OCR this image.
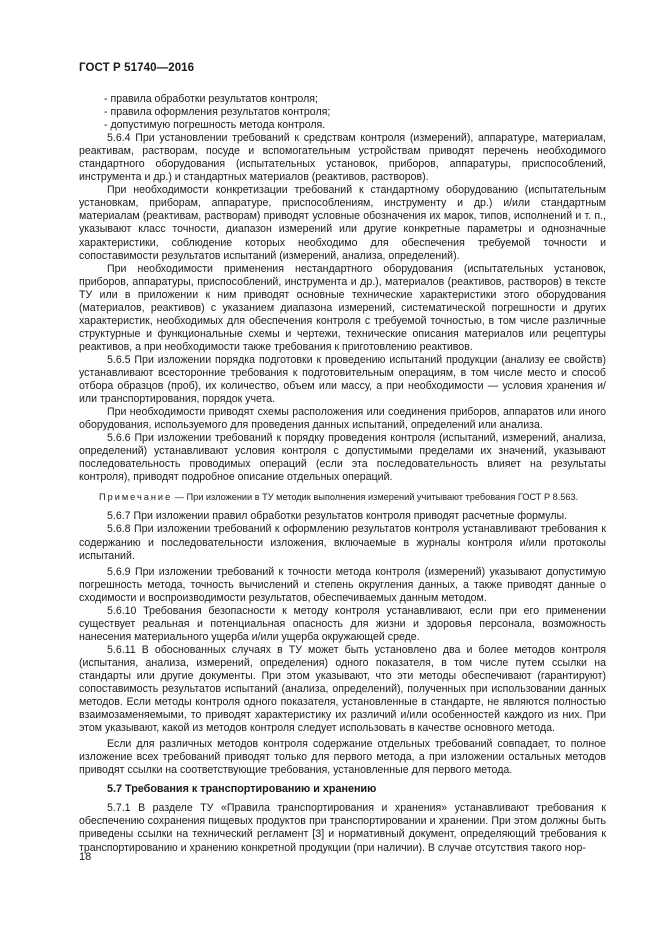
ГОСТ Р 51740—2016

- правила обработки результатов контроля;

- правила оформления результатов контроля;

- допустимую погрешность метода контроля.

5.6.4 При установлении требований к средствам контроля (измерений), аппаратуре, материалам, реактивам, растворам, посуде и вспомогательным устройствам приводят перечень необходимого стандартного оборудования (испытательных установок, приборов, аппаратуры, приспособлений, инструмента и др.) и стандартных материалов (реактивов, растворов).

При необходимости конкретизации требований к стандартному оборудованию (испытательным установкам, приборам, аппаратуре, приспособлениям, инструменту и др.) и/или стандартным материалам (реактивам, растворам) приводят условные обозначения их марок, типов, исполнений и т. п., указывают класс точности, диапазон измерений или другие конкретные параметры и однозначные характеристики, соблюдение которых необходимо для обеспечения требуемой точности и сопоставимости результатов испытаний (измерений, анализа, определений).

При необходимости применения нестандартного оборудования (испытательных установок, приборов, аппаратуры, приспособлений, инструмента и др.), материалов (реактивов, растворов) в тексте ТУ или в приложении к ним приводят основные технические характеристики этого оборудования (материалов, реактивов) с указанием диапазона измерений, систематической погрешности и других характеристик, необходимых для обеспечения контроля с требуемой точностью, в том числе различные структурные и функциональные схемы и чертежи, технические описания материалов или рецептуры реактивов, а при необходимости также требования к приготовлению реактивов.

5.6.5 При изложении порядка подготовки к проведению испытаний продукции (анализу ее свойств) устанавливают всесторонние требования к подготовительным операциям, в том числе место и способ отбора образцов (проб), их количество, объем или массу, а при необходимости — условия хранения и/или транспортирования, порядок учета.

При необходимости приводят схемы расположения или соединения приборов, аппаратов или иного оборудования, используемого для проведения данных испытаний, определений или анализа.

5.6.6 При изложении требований к порядку проведения контроля (испытаний, измерений, анализа, определений) устанавливают условия контроля с допустимыми пределами их значений, указывают последовательность проводимых операций (если эта последовательность влияет на результаты контроля), приводят подробное описание отдельных операций.

Примечание — При изложении в ТУ методик выполнения измерений учитывают требования ГОСТ Р 8.563.

5.6.7 При изложении правил обработки результатов контроля приводят расчетные формулы.

5.6.8 При изложении требований к оформлению результатов контроля устанавливают требования к содержанию и последовательности изложения, включаемые в журналы контроля и/или протоколы испытаний.

5.6.9 При изложении требований к точности метода контроля (измерений) указывают допустимую погрешность метода, точность вычислений и степень округления данных, а также приводят данные о сходимости и воспроизводимости результатов, обеспечиваемых данным методом.

5.6.10 Требования безопасности к методу контроля устанавливают, если при его применении существует реальная и потенциальная опасность для жизни и здоровья персонала, возможность нанесения материального ущерба и/или ущерба окружающей среде.

5.6.11 В обоснованных случаях в ТУ может быть установлено два и более методов контроля (испытания, анализа, измерений, определения) одного показателя, в том числе путем ссылки на стандарты или другие документы. При этом указывают, что эти методы обеспечивают (гарантируют) сопоставимость результатов испытаний (анализа, определений), полученных при использовании данных методов. Если методы контроля одного показателя, установленные в стандарте, не являются полностью взаимозаменяемыми, то приводят характеристику их различий и/или особенностей каждого из них. При этом указывают, какой из методов контроля следует использовать в качестве основного метода.

Если для различных методов контроля содержание отдельных требований совпадает, то полное изложение всех требований приводят только для первого метода, а при изложении остальных методов приводят ссылки на соответствующие требования, установленные для первого метода.

5.7 Требования к транспортированию и хранению

5.7.1 В разделе ТУ «Правила транспортирования и хранения» устанавливают требования к обеспечению сохранения пищевых продуктов при транспортировании и хранении. При этом должны быть приведены ссылки на технический регламент [3] и нормативный документ, определяющий требования к транспортированию и хранению конкретной продукции (при наличии). В случае отсутствия такого нор-

18
